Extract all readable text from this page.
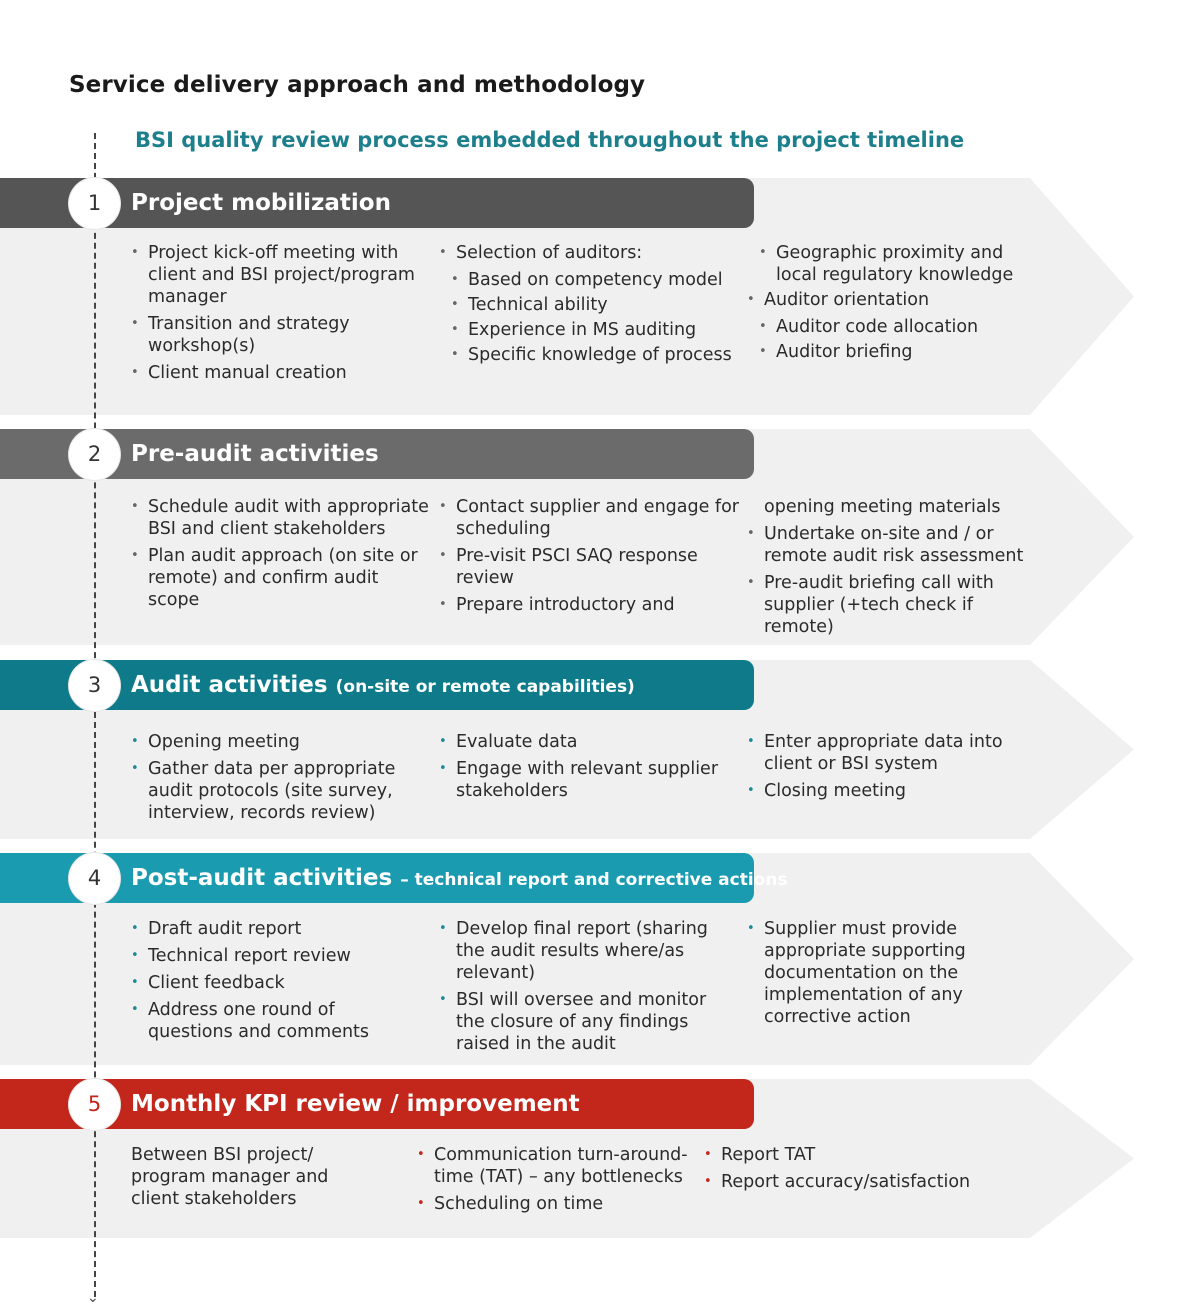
Service delivery approach and methodology
BSI quality review process embedded throughout the project timeline
1	Project mobilization
• Project kick-off meeting with client and BSI project/program manager
• Transition and strategy workshop(s)
• Client manual creation
• Selection of auditors:
• Based on competency model
• Technical ability
• Experience in MS auditing
• Specific knowledge of process
• Geographic proximity and local regulatory knowledge
• Auditor orientation
• Auditor code allocation
• Auditor briefing
2	Pre-audit activities
• Schedule audit with appropriate BSI and client stakeholders
• Plan audit approach (on site or remote) and confirm audit scope
• Contact supplier and engage for scheduling
• Pre-visit PSCI SAQ response review
• Prepare introductory and
opening meeting materials
• Undertake on-site and / or remote audit risk assessment
• Pre-audit briefing call with supplier (+tech check if remote)
3	Audit activities (on-site or remote capabilities)
• Opening meeting
• Gather data per appropriate audit protocols (site survey, interview, records review)
• Evaluate data
• Engage with relevant supplier stakeholders
• Enter appropriate data into client or BSI system
• Closing meeting
4	Post-audit activities – technical report and corrective actions
• Draft audit report
• Technical report review
• Client feedback
• Address one round of questions and comments
• Develop final report (sharing the audit results where/as relevant)
• BSI will oversee and monitor the closure of any findings raised in the audit
• Supplier must provide appropriate supporting documentation on the implementation of any corrective action
5	Monthly KPI review / improvement

Between BSI project/ program manager and client stakeholders

• Communication turn-around-time (TAT) – any bottlenecks
• Scheduling on time
• Report TAT
• Report accuracy/satisfaction
⌄
